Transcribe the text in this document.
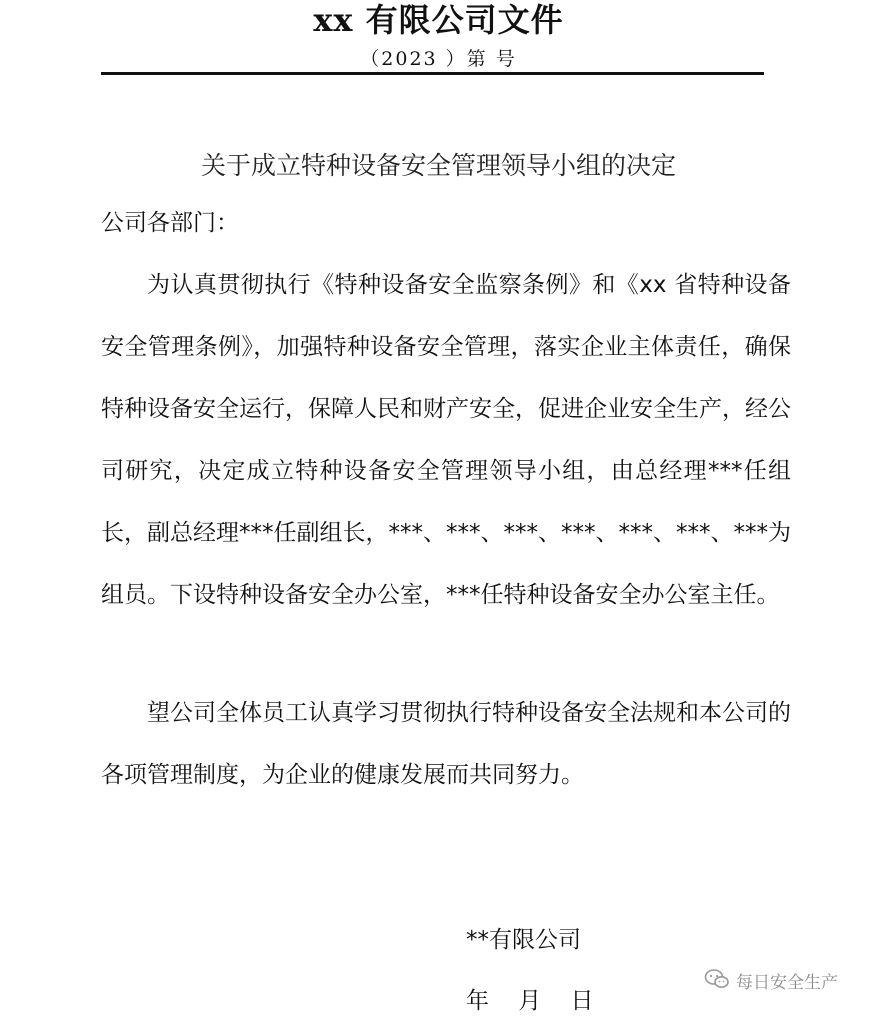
xx 有限公司文件
（2023 ）第 号
关于成立特种设备安全管理领导小组的决定
公司各部门：
为认真贯彻执行《特种设备安全监察条例》和《xx 省特种设备安全管理条例》，加强特种设备安全管理，落实企业主体责任，确保特种设备安全运行，保障人民和财产安全，促进企业安全生产，经公司研究，决定成立特种设备安全管理领导小组，由总经理***任组长，副总经理***任副组长，***、***、***、***、***、***、***为组员。下设特种设备安全办公室，***任特种设备安全办公室主任。
望公司全体员工认真学习贯彻执行特种设备安全法规和本公司的各项管理制度，为企业的健康发展而共同努力。
**有限公司
年    月    日
每日安全生产
